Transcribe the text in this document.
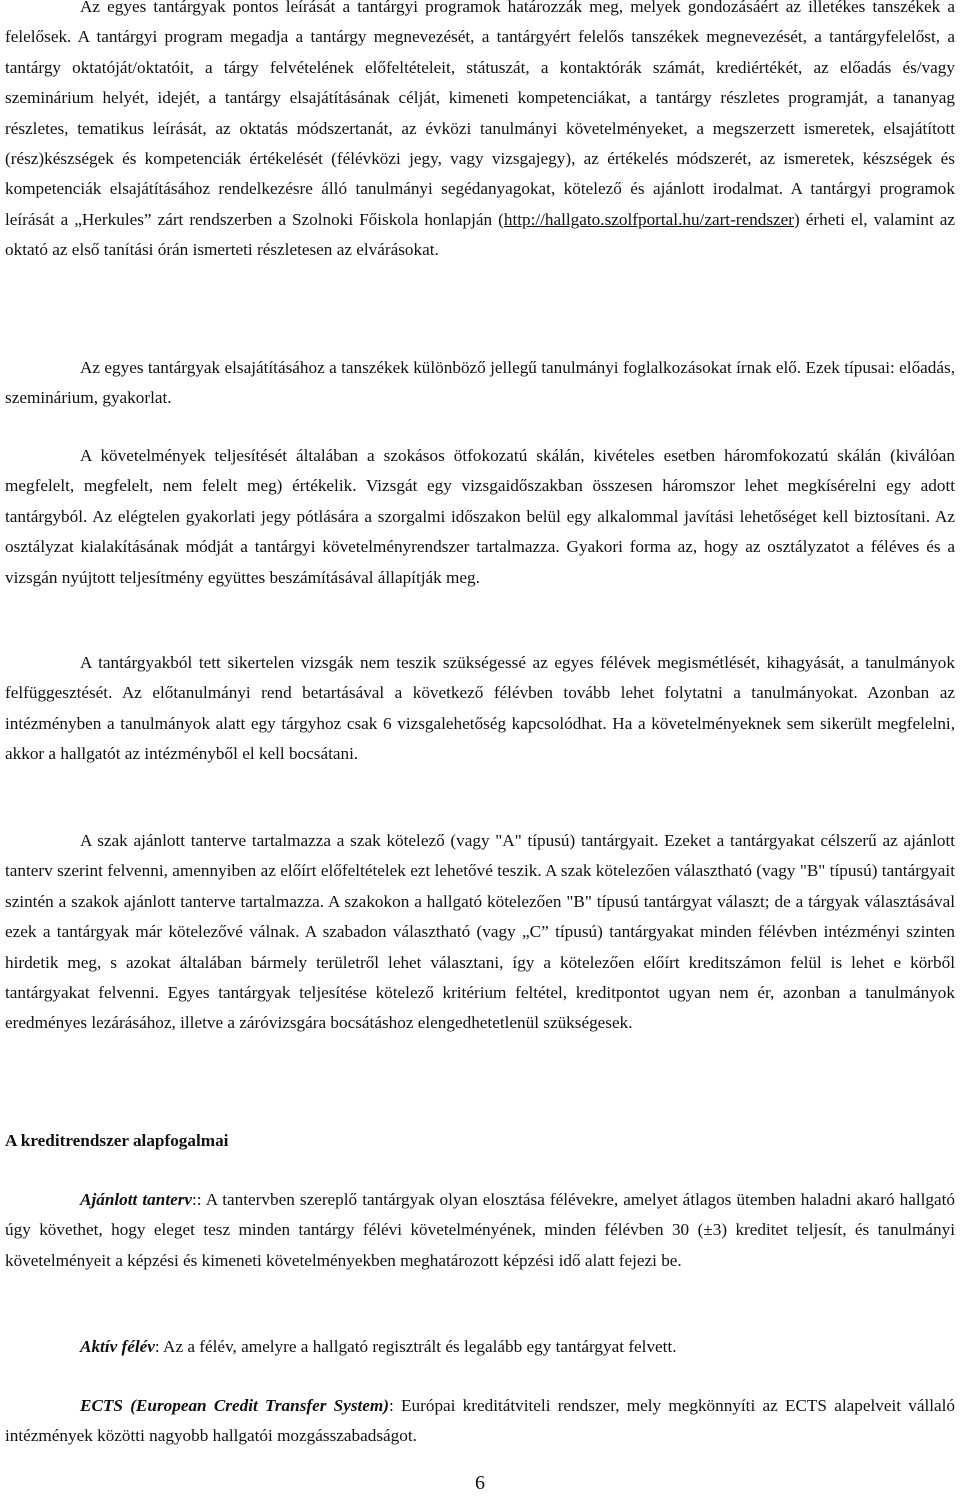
Az egyes tantárgyak pontos leírását a tantárgyi programok határozzák meg, melyek gondozásáért az illetékes tanszékek a felelősek. A tantárgyi program megadja a tantárgy megnevezését, a tantárgyért felelős tanszékek megnevezését, a tantárgyfelelőst, a tantárgy oktatóját/oktatóit, a tárgy felvételének előfeltételeit, státuszát, a kontaktórák számát, krediértékét, az előadás és/vagy szeminárium helyét, idejét, a tantárgy elsajátításának célját, kimeneti kompetenciákat, a tantárgy részletes programját, a tananyag részletes, tematikus leírását, az oktatás módszertanát, az évközi tanulmányi követelményeket, a megszerzett ismeretek, elsajátított (rész)készségek és kompetenciák értékelését (félévközi jegy, vagy vizsgajegy), az értékelés módszerét, az ismeretek, készségek és kompetenciák elsajátításához rendelkezésre álló tanulmányi segédanyagokat, kötelező és ajánlott irodalmat. A tantárgyi programok leírását a „Herkules” zárt rendszerben a Szolnoki Főiskola honlapján (http://hallgato.szolfportal.hu/zart-rendszer) érheti el, valamint az oktató az első tanítási órán ismerteti részletesen az elvárásokat.

Az egyes tantárgyak elsajátításához a tanszékek különböző jellegű tanulmányi foglalkozásokat írnak elő. Ezek típusai: előadás, szeminárium, gyakorlat.

A követelmények teljesítését általában a szokásos ötfokozatú skálán, kivételes esetben háromfokozatú skálán (kiválóan megfelelt, megfelelt, nem felelt meg) értékelik. Vizsgát egy vizsgaidőszakban összesen háromszor lehet megkísérelni egy adott tantárgyból. Az elégtelen gyakorlati jegy pótlására a szorgalmi időszakon belül egy alkalommal javítási lehetőséget kell biztosítani. Az osztályzat kialakításának módját a tantárgyi követelményrendszer tartalmazza. Gyakori forma az, hogy az osztályzatot a féléves és a vizsgán nyújtott teljesítmény együttes beszámításával állapítják meg.

A tantárgyakból tett sikertelen vizsgák nem teszik szükségessé az egyes félévek megismétlését, kihagyását, a tanulmányok felfüggesztését. Az előtanulmányi rend betartásával a következő félévben tovább lehet folytatni a tanulmányokat. Azonban az intézményben a tanulmányok alatt egy tárgyhoz csak 6 vizsgalehetőség kapcsolódhat. Ha a követelményeknek sem sikerült megfelelni, akkor a hallgatót az intézményből el kell bocsátani.

A szak ajánlott tanterve tartalmazza a szak kötelező (vagy "A" típusú) tantárgyait. Ezeket a tantárgyakat célszerű az ajánlott tanterv szerint felvenni, amennyiben az előírt előfeltételek ezt lehetővé teszik. A szak kötelezően választható (vagy "B" típusú) tantárgyait szintén a szakok ajánlott tanterve tartalmazza. A szakokon a hallgató kötelezően "B" típusú tantárgyat választ; de a tárgyak választásával ezek a tantárgyak már kötelezővé válnak. A szabadon választható (vagy „C” típusú) tantárgyakat minden félévben intézményi szinten hirdetik meg, s azokat általában bármely területről lehet választani, így a kötelezően előírt kreditszámon felül is lehet e körből tantárgyakat felvenni. Egyes tantárgyak teljesítése kötelező kritérium feltétel, kreditpontot ugyan nem ér, azonban a tanulmányok eredményes lezárásához, illetve a záróvizsgára bocsátáshoz elengedhetetlenül szükségesek.

A kreditrendszer alapfogalmai

Ajánlott tanterv:: A tantervben szereplő tantárgyak olyan elosztása félévekre, amelyet átlagos ütemben haladni akaró hallgató úgy követhet, hogy eleget tesz minden tantárgy félévi követelményének, minden félévben 30 (±3) kreditet teljesít, és tanulmányi követelményeit a képzési és kimeneti követelményekben meghatározott képzési idő alatt fejezi be.

Aktív félév: Az a félév, amelyre a hallgató regisztrált és legalább egy tantárgyat felvett.

ECTS (European Credit Transfer System): Európai kreditátviteli rendszer, mely megkönnyíti az ECTS alapelveit vállaló intézmények közötti nagyobb hallgatói mozgásszabadságot.

6
